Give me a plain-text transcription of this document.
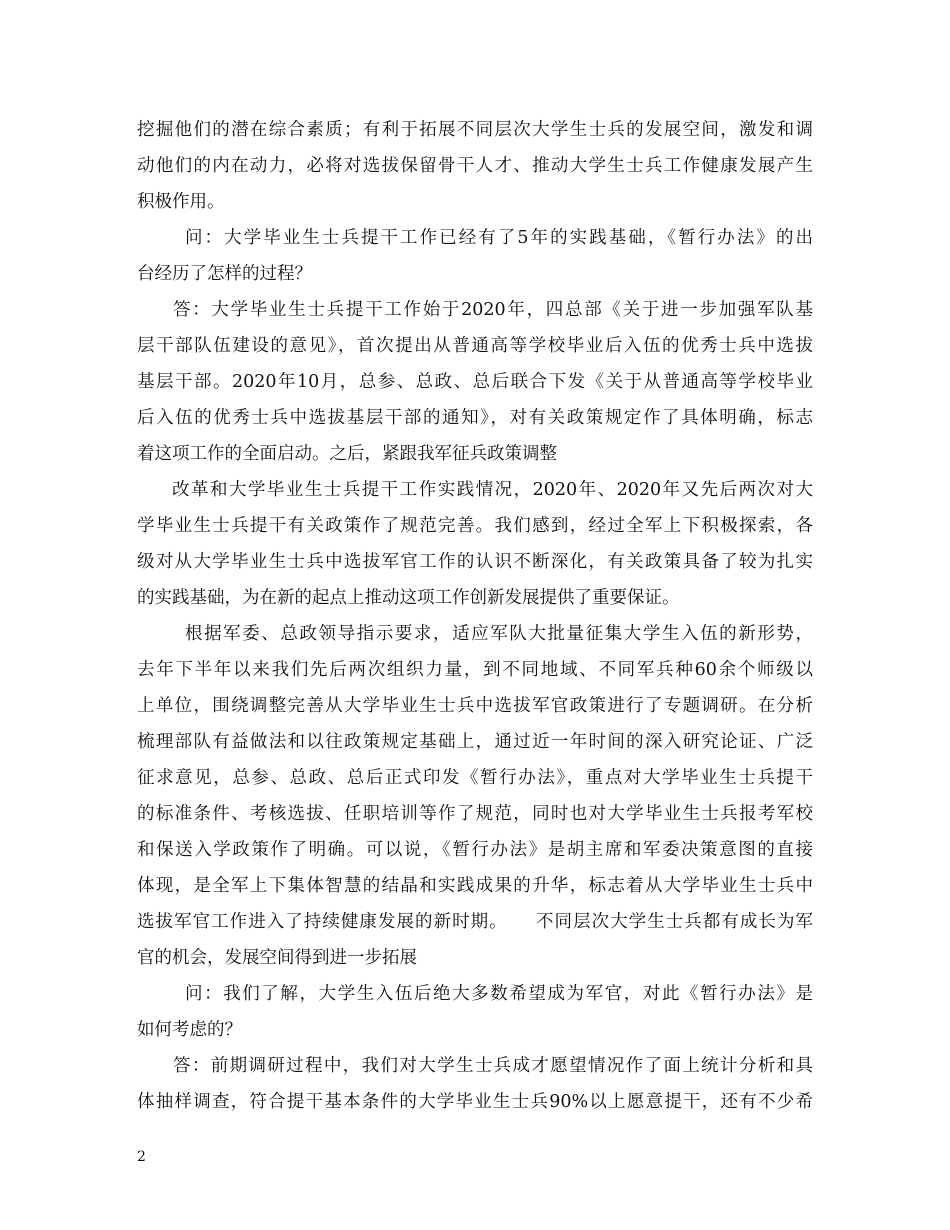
挖掘他们的潜在综合素质；有利于拓展不同层次大学生士兵的发展空间，激发和调
动他们的内在动力，必将对选拔保留骨干人才、推动大学生士兵工作健康发展产生
积极作用。
问：大学毕业生士兵提干工作已经有了5年的实践基础，《暂行办法》的出
台经历了怎样的过程？
答：大学毕业生士兵提干工作始于2020年，四总部《关于进一步加强军队基
层干部队伍建设的意见》，首次提出从普通高等学校毕业后入伍的优秀士兵中选拔
基层干部。2020年10月，总参、总政、总后联合下发《关于从普通高等学校毕业
后入伍的优秀士兵中选拔基层干部的通知》，对有关政策规定作了具体明确，标志
着这项工作的全面启动。之后，紧跟我军征兵政策调整
改革和大学毕业生士兵提干工作实践情况，2020年、2020年又先后两次对大
学毕业生士兵提干有关政策作了规范完善。我们感到，经过全军上下积极探索，各
级对从大学毕业生士兵中选拔军官工作的认识不断深化，有关政策具备了较为扎实
的实践基础，为在新的起点上推动这项工作创新发展提供了重要保证。
根据军委、总政领导指示要求，适应军队大批量征集大学生入伍的新形势，
去年下半年以来我们先后两次组织力量，到不同地域、不同军兵种60余个师级以
上单位，围绕调整完善从大学毕业生士兵中选拔军官政策进行了专题调研。在分析
梳理部队有益做法和以往政策规定基础上，通过近一年时间的深入研究论证、广泛
征求意见，总参、总政、总后正式印发《暂行办法》，重点对大学毕业生士兵提干
的标准条件、考核选拔、任职培训等作了规范，同时也对大学毕业生士兵报考军校
和保送入学政策作了明确。可以说，《暂行办法》是胡主席和军委决策意图的直接
体现，是全军上下集体智慧的结晶和实践成果的升华，标志着从大学毕业生士兵中
选拔军官工作进入了持续健康发展的新时期。　　不同层次大学生士兵都有成长为军
官的机会，发展空间得到进一步拓展
问：我们了解，大学生入伍后绝大多数希望成为军官，对此《暂行办法》是
如何考虑的？
答：前期调研过程中，我们对大学生士兵成才愿望情况作了面上统计分析和具
体抽样调查，符合提干基本条件的大学毕业生士兵90%以上愿意提干，还有不少希
2
